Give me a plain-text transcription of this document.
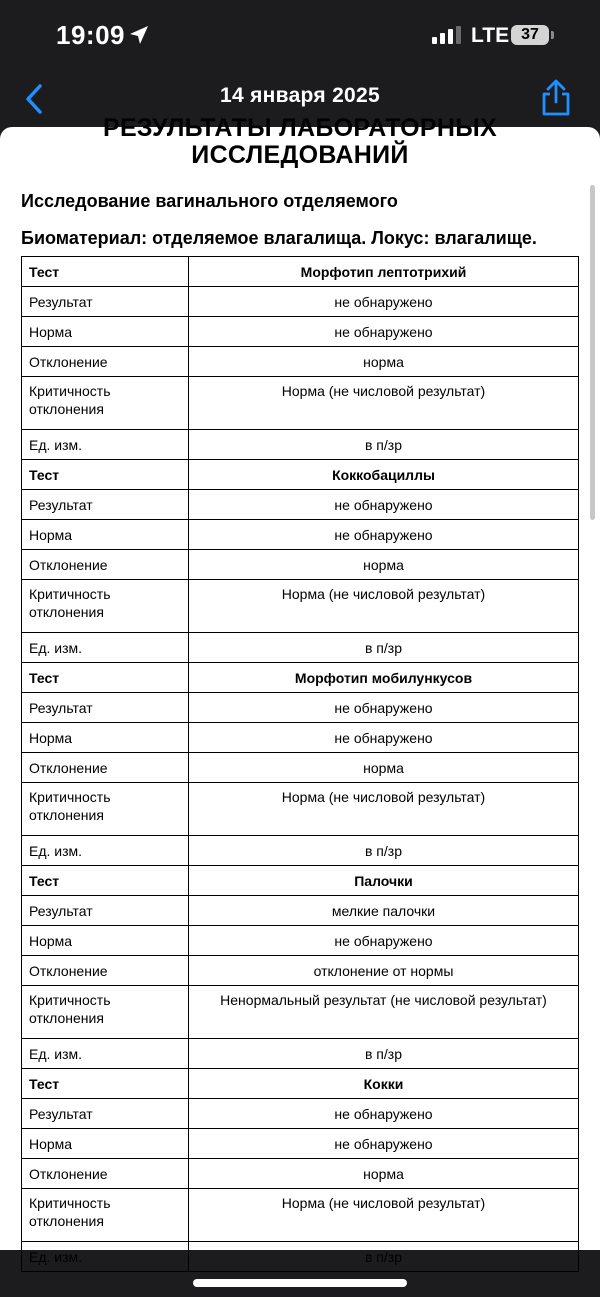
19:09	LTE 37
14 января 2025
РЕЗУЛЬТАТЫ ЛАБОРАТОРНЫХ
ИССЛЕДОВАНИЙ
Исследование вагинального отделяемого
Биоматериал: отделяемое влагалища. Локус: влагалище.
Тест	Морфотип лептотрихий
Результат	не обнаружено
Норма	не обнаружено
Отклонение	норма
Критичность отклонения	Норма (не числовой результат)
Ед. изм.	в п/зр
Тест	Коккобациллы
Результат	не обнаружено
Норма	не обнаружено
Отклонение	норма
Критичность отклонения	Норма (не числовой результат)
Ед. изм.	в п/зр
Тест	Морфотип мобилункусов
Результат	не обнаружено
Норма	не обнаружено
Отклонение	норма
Критичность отклонения	Норма (не числовой результат)
Ед. изм.	в п/зр
Тест	Палочки
Результат	мелкие палочки
Норма	не обнаружено
Отклонение	отклонение от нормы
Критичность отклонения	Ненормальный результат (не числовой результат)
Ед. изм.	в п/зр
Тест	Кокки
Результат	не обнаружено
Норма	не обнаружено
Отклонение	норма
Критичность отклонения	Норма (не числовой результат)
Ед. изм.	в п/зр
